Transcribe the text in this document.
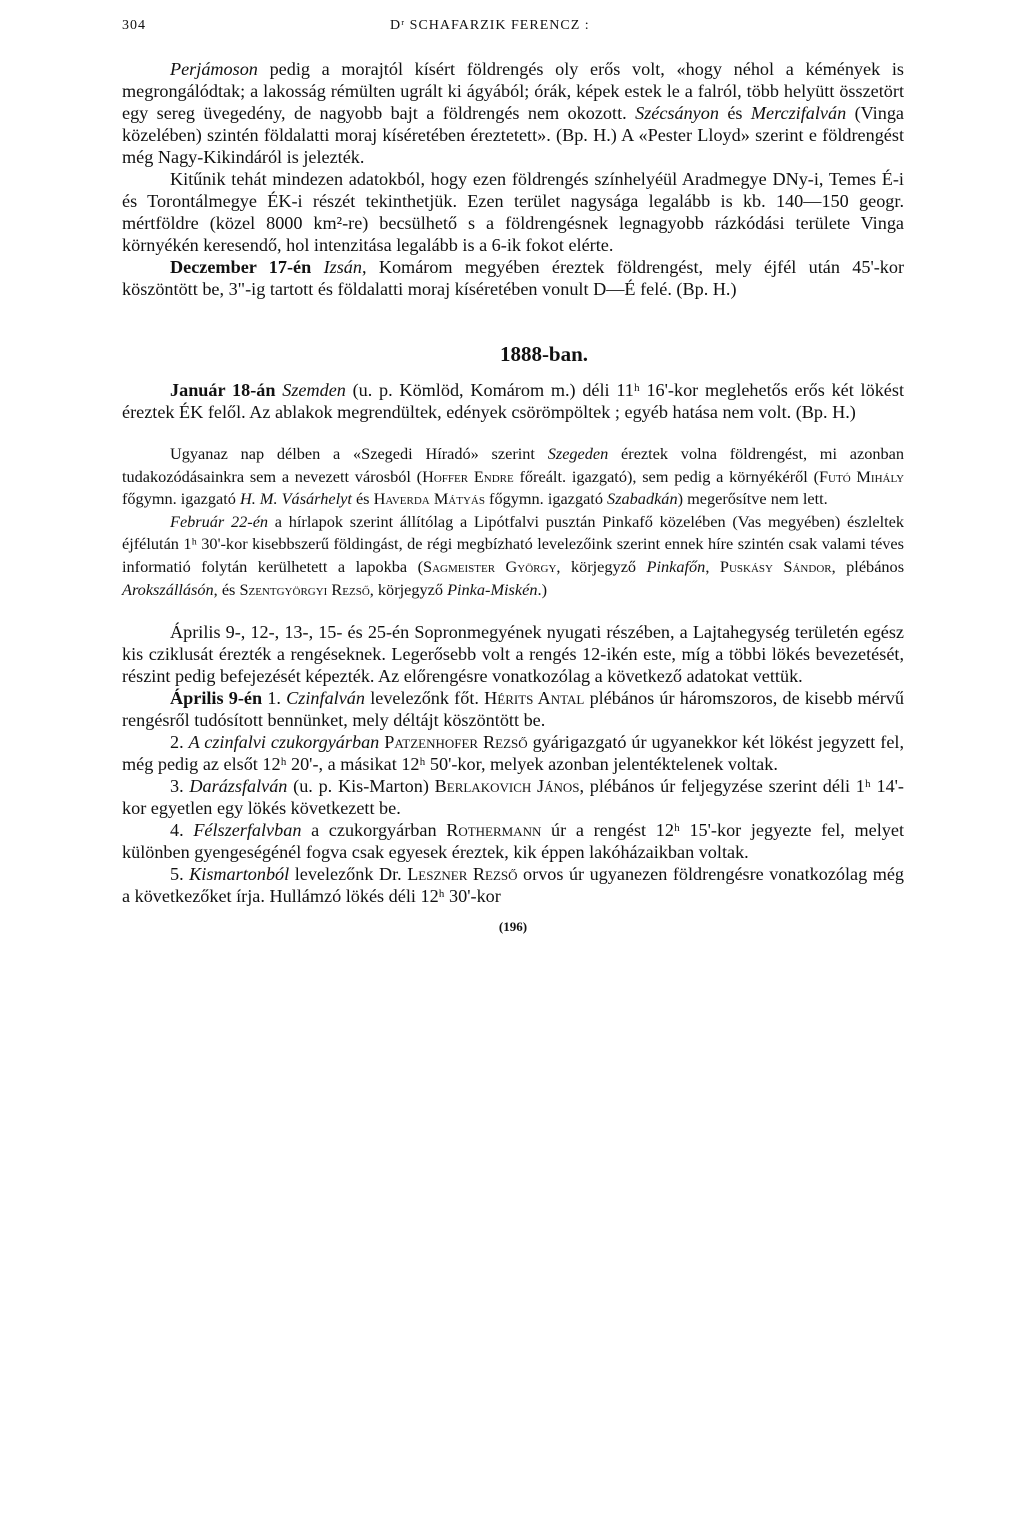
304	Dʳ SCHAFARZIK FERENCZ :

Perjámoson pedig a morajtól kísért földrengés oly erős volt, «hogy néhol a kémények is megrongálódtak; a lakosság rémülten ugrált ki ágyából; órák, képek estek le a falról, több helyütt összetört egy sereg üvegedény, de nagyobb bajt a földrengés nem okozott. Szécsányon és Merczifalván (Vinga közelében) szintén földalatti moraj kíséretében éreztetett». (Bp. H.) A «Pester Lloyd» szerint e földrengést még Nagy-Kikindáról is jelezték.

Kitűnik tehát mindezen adatokból, hogy ezen földrengés színhelyéül Aradmegye DNy-i, Temes É-i és Torontálmegye ÉK-i részét tekinthetjük. Ezen terület nagysága legalább is kb. 140—150 geogr. mértföldre (közel 8000 km²-re) becsülhető s a földrengésnek legnagyobb rázkódási területe Vinga környékén keresendő, hol intenzitása legalább is a 6-ik fokot elérte.

Deczember 17-én Izsán, Komárom megyében éreztek földrengést, mely éjfél után 45'-kor köszöntött be, 3"-ig tartott és földalatti moraj kíséretében vonult D—É felé. (Bp. H.)

1888-ban.

Január 18-án Szemden (u. p. Kömlöd, Komárom m.) déli 11ʰ 16'-kor meglehetős erős két lökést éreztek ÉK felől. Az ablakok megrendültek, edények csörömpöltek ; egyéb hatása nem volt. (Bp. H.)

Ugyanaz nap délben a «Szegedi Híradó» szerint Szegeden éreztek volna földrengést, mi azonban tudakozódásainkra sem a nevezett városból (Hoffer Endre főreált. igazgató), sem pedig a környékéről (Futó Mihály főgymn. igazgató H. M. Vásárhelyt és Haverda Mátyás főgymn. igazgató Szabadkán) megerősítve nem lett.

Február 22-én a hírlapok szerint állítólag a Lipótfalvi pusztán Pinkafő közelében (Vas megyében) észleltek éjfélután 1ʰ 30'-kor kisebbszerű földingást, de régi megbízható levelezőink szerint ennek híre szintén csak valami téves informatió folytán kerülhetett a lapokba (Sagmeister György, körjegyző Pinkafőn, Puskásy Sándor, plébános Arokszállásón, és Szentgyörgyi Rezső, körjegyző Pinka-Miskén.)

Április 9-, 12-, 13-, 15- és 25-én Sopronmegyének nyugati részében, a Lajtahegység területén egész kis cziklusát érezték a rengéseknek. Legerősebb volt a rengés 12-ikén este, míg a többi lökés bevezetését, részint pedig befejezését képezték. Az előrengésre vonatkozólag a következő adatokat vettük.

Április 9-én 1. Czinfalván levelezőnk főt. Hérits Antal plébános úr háromszoros, de kisebb mérvű rengésről tudósított bennünket, mely déltájt köszöntött be.

2. A czinfalvi czukorgyárban Patzenhofer Rezső gyárigazgató úr ugyanekkor két lökést jegyzett fel, még pedig az elsőt 12ʰ 20'-, a másikat 12ʰ 50'-kor, melyek azonban jelentéktelenek voltak.

3. Darázsfalván (u. p. Kis-Marton) Berlakovich János, plébános úr feljegyzése szerint déli 1ʰ 14'-kor egyetlen egy lökés következett be.

4. Félszerfalvban a czukorgyárban Rothermann úr a rengést 12ʰ 15'-kor jegyezte fel, melyet különben gyengeségénél fogva csak egyesek éreztek, kik éppen lakóházaikban voltak.

5. Kismartonból levelezőnk Dr. Leszner Rezső orvos úr ugyanezen földrengésre vonatkozólag még a következőket írja. Hullámzó lökés déli 12ʰ 30'-kor

(196)
